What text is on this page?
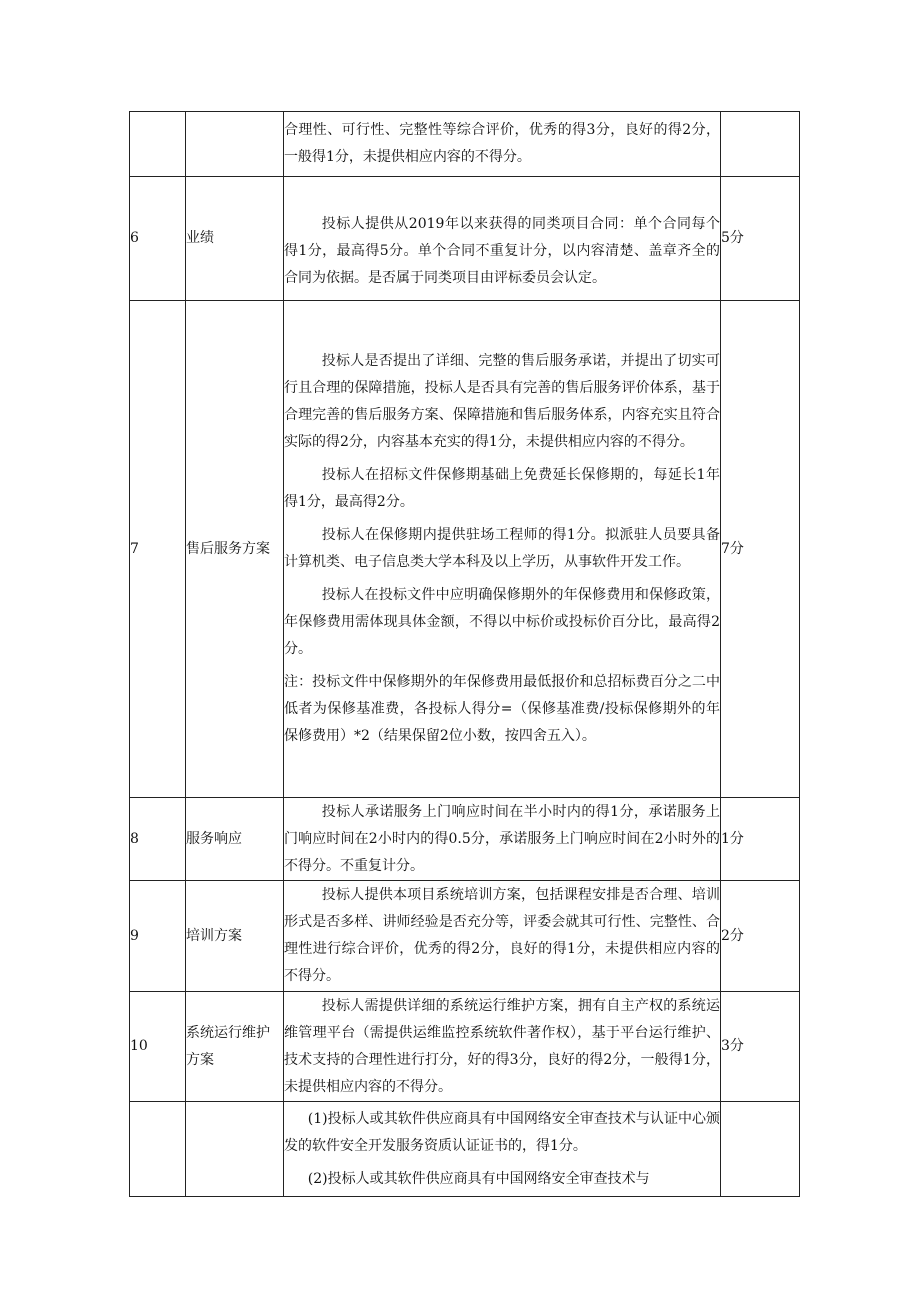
		合理性、可行性、完整性等综合评价，优秀的得3分，良好的得2分，一般得1分，未提供相应内容的不得分。	

6	业绩	投标人提供从2019年以来获得的同类项目合同：单个合同每个得1分，最高得5分。单个合同不重复计分，以内容清楚、盖章齐全的合同为依据。是否属于同类项目由评标委员会认定。	5分
7	售后服务方案	投标人是否提出了详细、完整的售后服务承诺，并提出了切实可行且合理的保障措施，投标人是否具有完善的售后服务评价体系，基于合理完善的售后服务方案、保障措施和售后服务体系，内容充实且符合实际的得2分，内容基本充实的得1分，未提供相应内容的不得分。

投标人在招标文件保修期基础上免费延长保修期的，每延长1年得1分，最高得2分。

投标人在保修期内提供驻场工程师的得1分。拟派驻人员要具备计算机类、电子信息类大学本科及以上学历，从事软件开发工作。

投标人在投标文件中应明确保修期外的年保修费用和保修政策，年保修费用需体现具体金额，不得以中标价或投标价百分比，最高得2分。

注：投标文件中保修期外的年保修费用最低报价和总招标费百分之二中低者为保修基准费，各投标人得分=（保修基准费/投标保修期外的年保修费用）*2（结果保留2位小数，按四舍五入）。	7分
8	服务响应	投标人承诺服务上门响应时间在半小时内的得1分，承诺服务上门响应时间在2小时内的得0.5分，承诺服务上门响应时间在2小时外的不得分。不重复计分。	1分
9	培训方案	投标人提供本项目系统培训方案，包括课程安排是否合理、培训形式是否多样、讲师经验是否充分等，评委会就其可行性、完整性、合理性进行综合评价，优秀的得2分，良好的得1分，未提供相应内容的不得分。	2分
10	系统运行维护方案	投标人需提供详细的系统运行维护方案，拥有自主产权的系统运维管理平台（需提供运维监控系统软件著作权），基于平台运行维护、技术支持的合理性进行打分，好的得3分，良好的得2分，一般得1分，未提供相应内容的不得分。	3分

		(1)投标人或其软件供应商具有中国网络安全审查技术与认证中心颁发的软件安全开发服务资质认证证书的，得1分。

(2)投标人或其软件供应商具有中国网络安全审查技术与	
